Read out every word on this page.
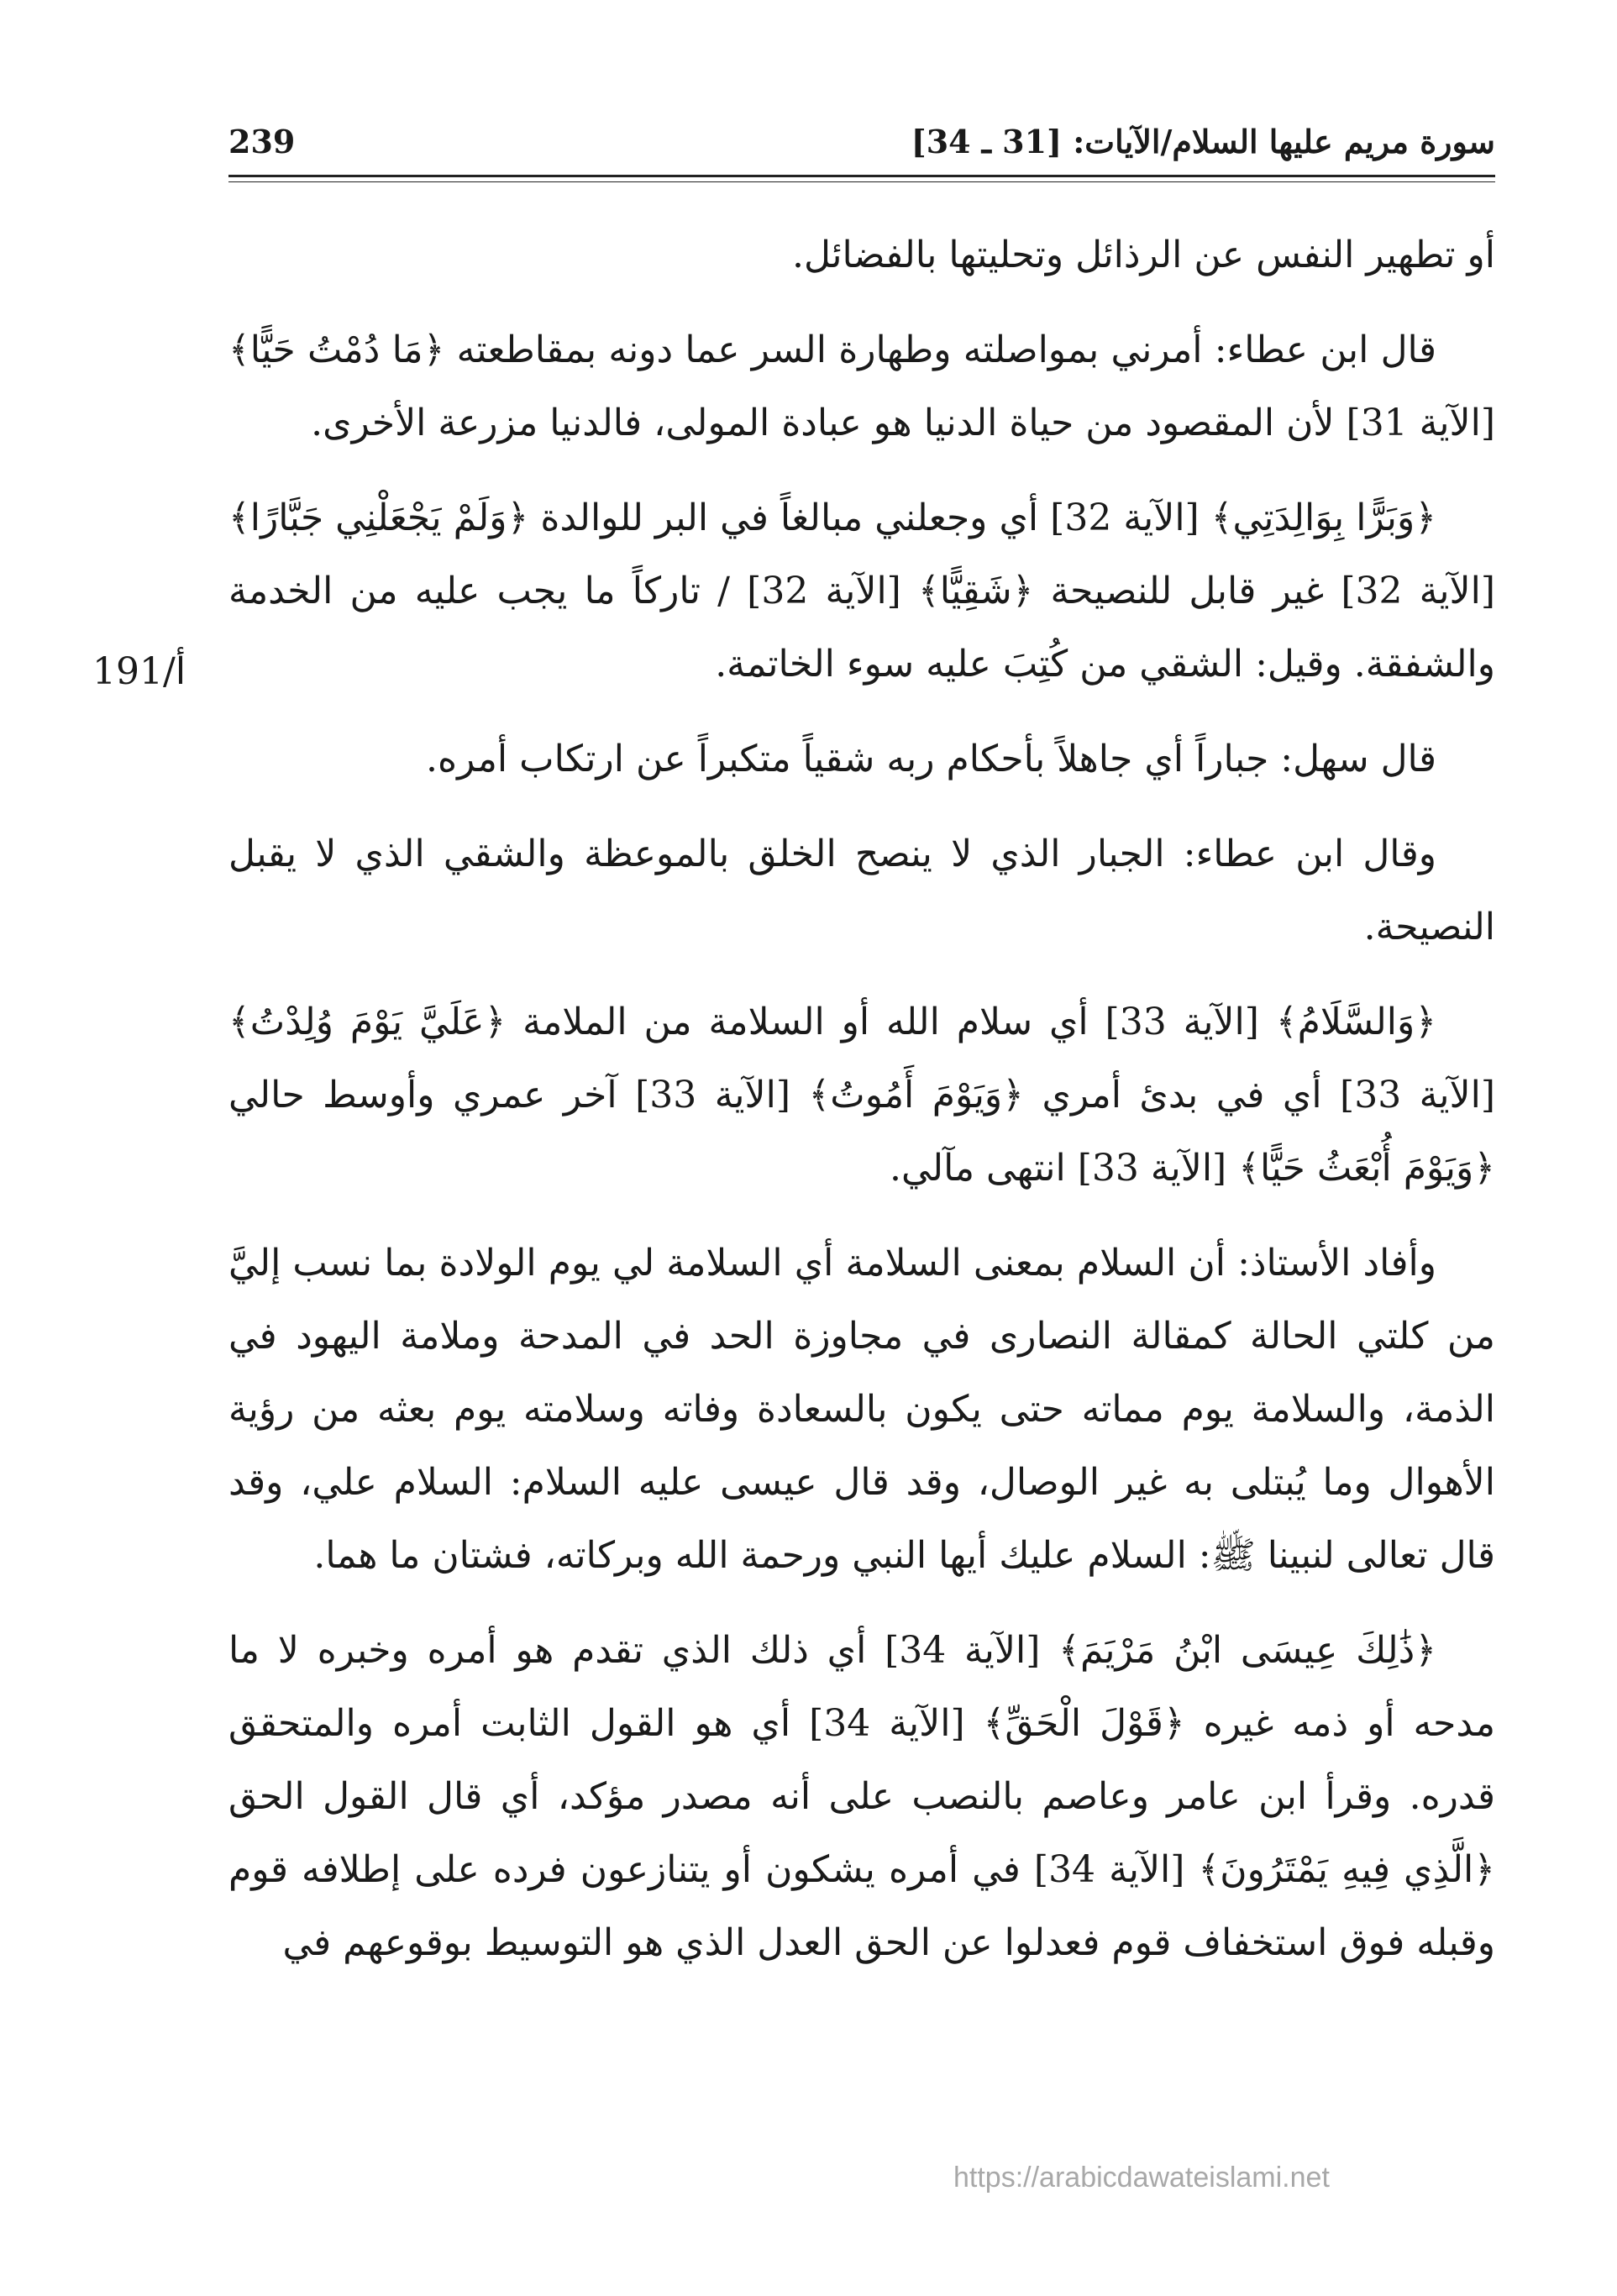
239	سورة مريم عليها السلام/الآيات: [31 ـ 34]
191/أ

أو تطهير النفس عن الرذائل وتحليتها بالفضائل.

قال ابن عطاء: أمرني بمواصلته وطهارة السر عما دونه بمقاطعته ﴿مَا دُمْتُ حَيًّا﴾ [الآية 31] لأن المقصود من حياة الدنيا هو عبادة المولى، فالدنيا مزرعة الأخرى.

﴿وَبَرًّا بِوَالِدَتِي﴾ [الآية 32] أي وجعلني مبالغاً في البر للوالدة ﴿وَلَمْ يَجْعَلْنِي جَبَّارًا﴾ [الآية 32] غير قابل للنصيحة ﴿شَقِيًّا﴾ [الآية 32] / تاركاً ما يجب عليه من الخدمة والشفقة. وقيل: الشقي من كُتِبَ عليه سوء الخاتمة.

قال سهل: جباراً أي جاهلاً بأحكام ربه شقياً متكبراً عن ارتكاب أمره.

وقال ابن عطاء: الجبار الذي لا ينصح الخلق بالموعظة والشقي الذي لا يقبل النصيحة.

﴿وَالسَّلَامُ﴾ [الآية 33] أي سلام الله أو السلامة من الملامة ﴿عَلَيَّ يَوْمَ وُلِدْتُ﴾ [الآية 33] أي في بدئ أمري ﴿وَيَوْمَ أَمُوتُ﴾ [الآية 33] آخر عمري وأوسط حالي ﴿وَيَوْمَ أُبْعَثُ حَيًّا﴾ [الآية 33] انتهى مآلي.

وأفاد الأستاذ: أن السلام بمعنى السلامة أي السلامة لي يوم الولادة بما نسب إليَّ من كلتي الحالة كمقالة النصارى في مجاوزة الحد في المدحة وملامة اليهود في الذمة، والسلامة يوم مماته حتى يكون بالسعادة وفاته وسلامته يوم بعثه من رؤية الأهوال وما يُبتلى به غير الوصال، وقد قال عيسى عليه السلام: السلام علي، وقد قال تعالى لنبينا ﷺ: السلام عليك أيها النبي ورحمة الله وبركاته، فشتان ما هما.

﴿ذَٰلِكَ عِيسَى ابْنُ مَرْيَمَ﴾ [الآية 34] أي ذلك الذي تقدم هو أمره وخبره لا ما مدحه أو ذمه غيره ﴿قَوْلَ الْحَقِّ﴾ [الآية 34] أي هو القول الثابت أمره والمتحقق قدره. وقرأ ابن عامر وعاصم بالنصب على أنه مصدر مؤكد، أي قال القول الحق ﴿الَّذِي فِيهِ يَمْتَرُونَ﴾ [الآية 34] في أمره يشكون أو يتنازعون فرده على إطلافه قوم وقبله فوق استخفاف قوم فعدلوا عن الحق العدل الذي هو التوسيط بوقوعهم في

https://arabicdawateislami.net
